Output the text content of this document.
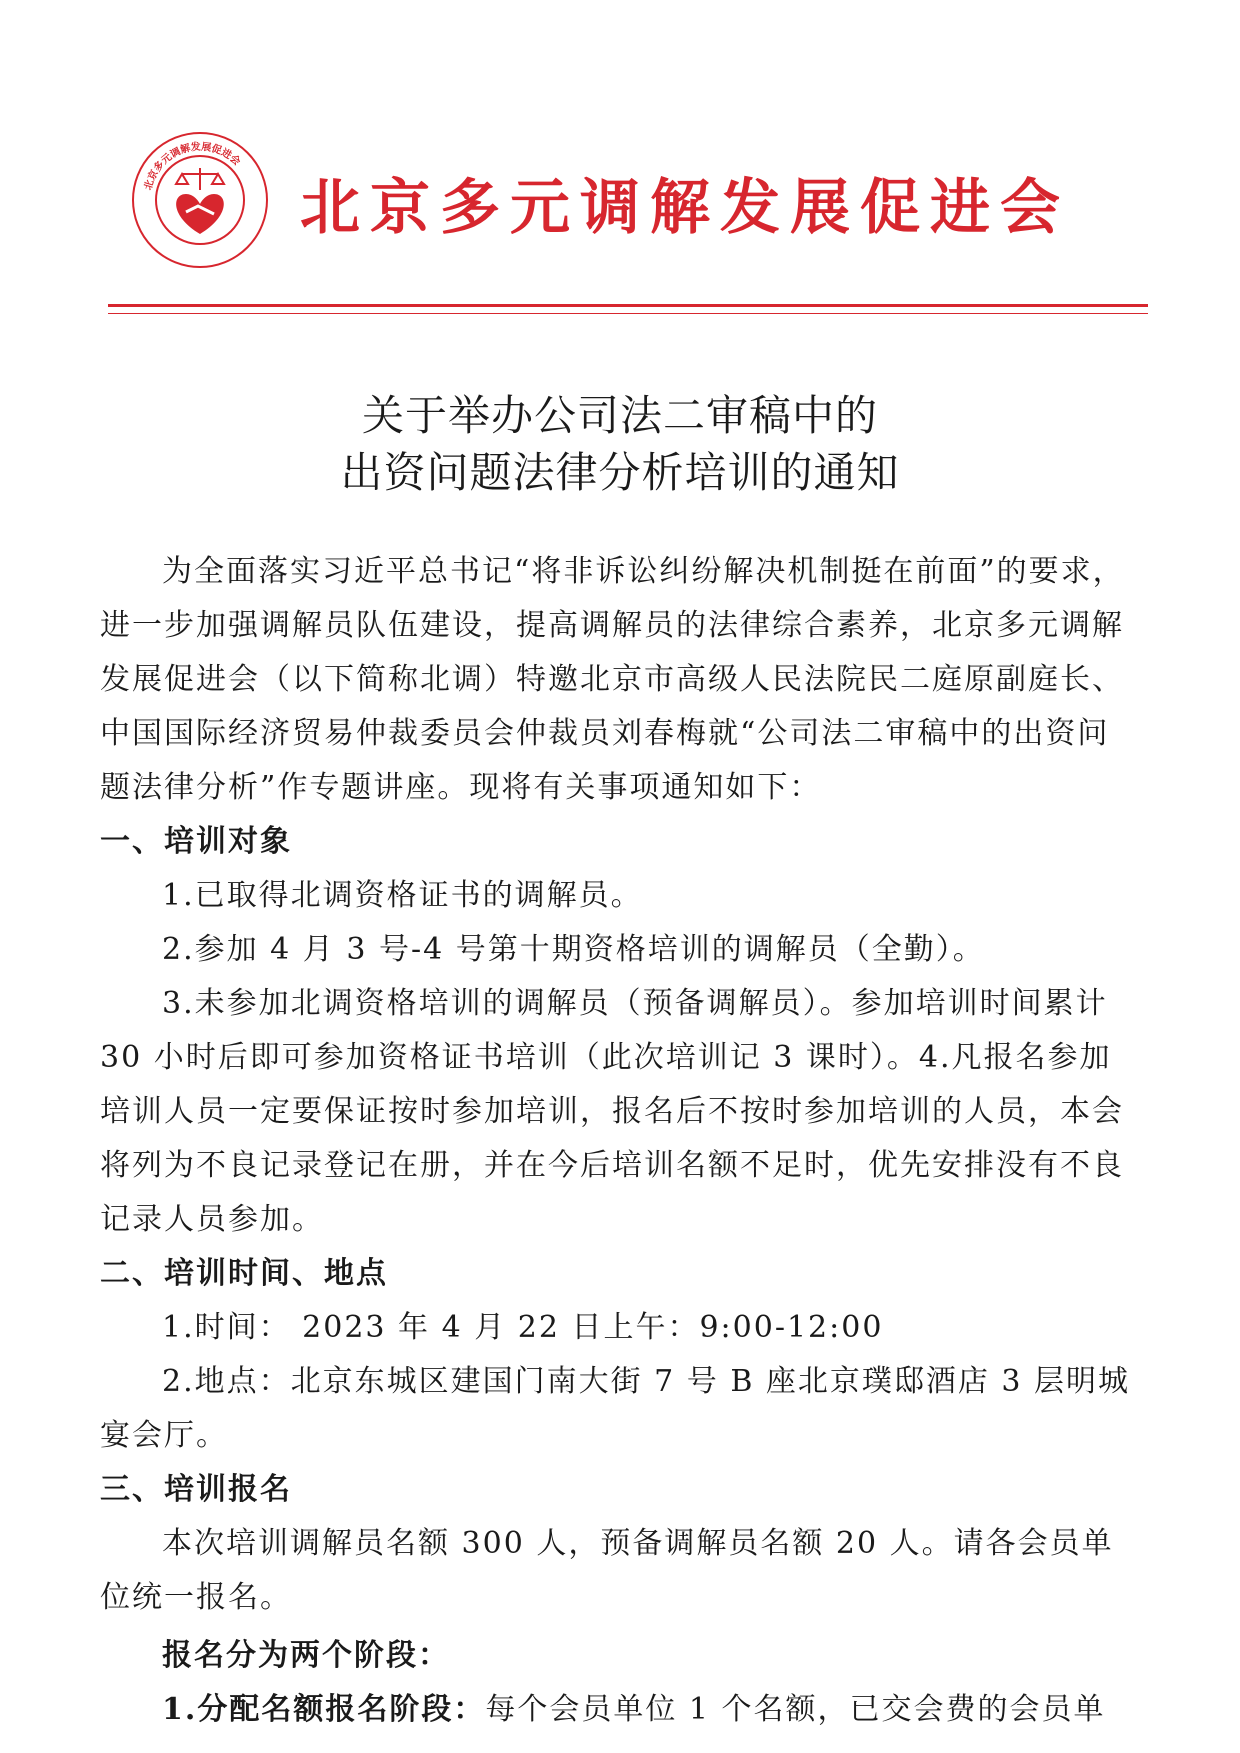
北京多元调解发展促进会
北京多元调解发展促进会
关于举办公司法二审稿中的
出资问题法律分析培训的通知

为全面落实习近平总书记“将非诉讼纠纷解决机制挺在前面”的要求，进一步加强调解员队伍建设，提高调解员的法律综合素养，北京多元调解发展促进会（以下简称北调）特邀北京市高级人民法院民二庭原副庭长、中国国际经济贸易仲裁委员会仲裁员刘春梅就“公司法二审稿中的出资问题法律分析”作专题讲座。现将有关事项通知如下：

一、培训对象

1.已取得北调资格证书的调解员。

2.参加 4 月 3 号-4 号第十期资格培训的调解员（全勤）。

3.未参加北调资格培训的调解员（预备调解员）。参加培训时间累计 30 小时后即可参加资格证书培训（此次培训记 3 课时）。4.凡报名参加培训人员一定要保证按时参加培训，报名后不按时参加培训的人员，本会将列为不良记录登记在册，并在今后培训名额不足时，优先安排没有不良记录人员参加。

二、培训时间、地点

1.时间： 2023 年 4 月 22 日上午：9:00-12:00

2.地点：北京东城区建国门南大街 7 号 B 座北京璞邸酒店 3 层明城宴会厅。

三、培训报名

本次培训调解员名额 300 人，预备调解员名额 20 人。请各会员单位统一报名。

报名分为两个阶段：

1.分配名额报名阶段：每个会员单位 1 个名额，已交会费的会员单
